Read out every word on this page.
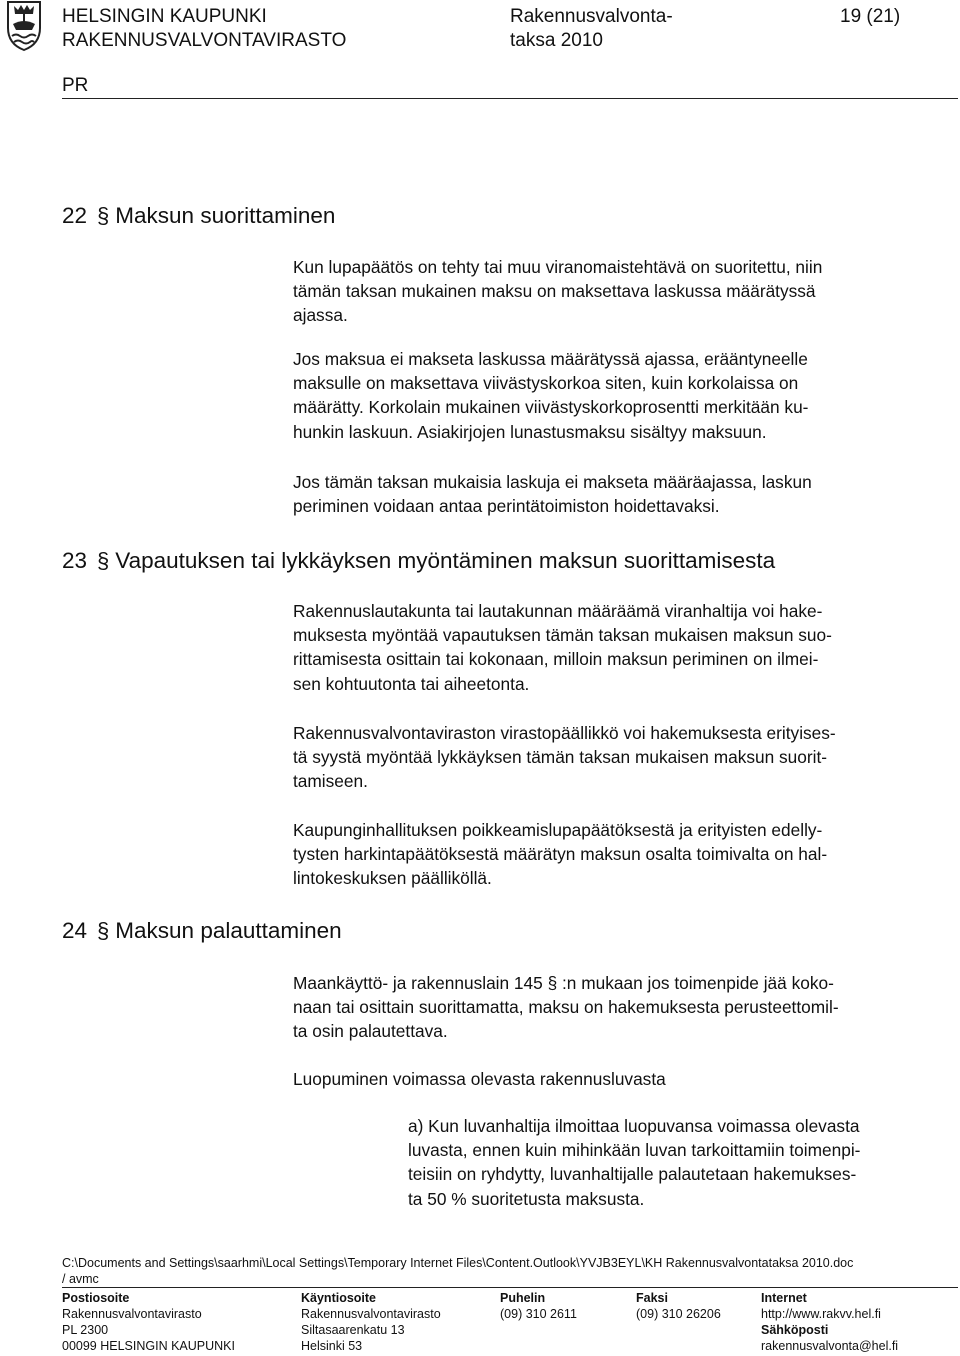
HELSINGIN KAUPUNKI
RAKENNUSVALVONTAVIRASTO
Rakennusvalvonta-
taksa 2010
19 (21)
PR
22 § Maksun suorittaminen
Kun lupapäätös on tehty tai muu viranomaistehtävä on suoritettu, niin
tämän taksan mukainen maksu on maksettava laskussa määrätyssä
ajassa.
Jos maksua ei makseta laskussa määrätyssä ajassa, erääntyneelle
maksulle on maksettava viivästyskorkoa siten, kuin korkolaissa on
määrätty. Korkolain mukainen viivästyskorkoprosentti merkitään ku-
hunkin laskuun. Asiakirjojen lunastusmaksu sisältyy maksuun.
Jos tämän taksan mukaisia laskuja ei makseta määräajassa, laskun
periminen voidaan antaa perintätoimiston hoidettavaksi.
23 § Vapautuksen tai lykkäyksen myöntäminen maksun suorittamisesta
Rakennuslautakunta tai lautakunnan määräämä viranhaltija voi hake-
muksesta myöntää vapautuksen tämän taksan mukaisen maksun suo-
rittamisesta osittain tai kokonaan, milloin maksun periminen on ilmei-
sen kohtuutonta tai aiheetonta.
Rakennusvalvontaviraston virastopäällikkö voi hakemuksesta erityises-
tä syystä myöntää lykkäyksen tämän taksan mukaisen maksun suorit-
tamiseen.
Kaupunginhallituksen poikkeamislupapäätöksestä ja erityisten edelly-
tysten harkintapäätöksestä määrätyn maksun osalta toimivalta on hal-
lintokeskuksen päälliköllä.
24 § Maksun palauttaminen
Maankäyttö- ja rakennuslain 145 § :n mukaan jos toimenpide jää koko-
naan tai osittain suorittamatta, maksu on hakemuksesta perusteettomil-
ta osin palautettava.
Luopuminen voimassa olevasta rakennusluvasta
a) Kun luvanhaltija ilmoittaa luopuvansa voimassa olevasta
luvasta, ennen kuin mihinkään luvan tarkoittamiin toimenpi-
teisiin on ryhdytty, luvanhaltijalle palautetaan hakemukses-
ta 50 % suoritetusta maksusta.
C:\Documents and Settings\saarhmi\Local Settings\Temporary Internet Files\Content.Outlook\YVJB3EYL\KH Rakennusvalvontataksa 2010.doc
/ avmc
Postiosoite
Rakennusvalvontavirasto
PL 2300
00099 HELSINGIN KAUPUNKI
Käyntiosoite
Rakennusvalvontavirasto
Siltasaarenkatu 13
Helsinki 53
Puhelin
(09) 310 2611
Faksi
(09) 310 26206
Internet
http://www.rakvv.hel.fi
Sähköposti
rakennusvalvonta@hel.fi
